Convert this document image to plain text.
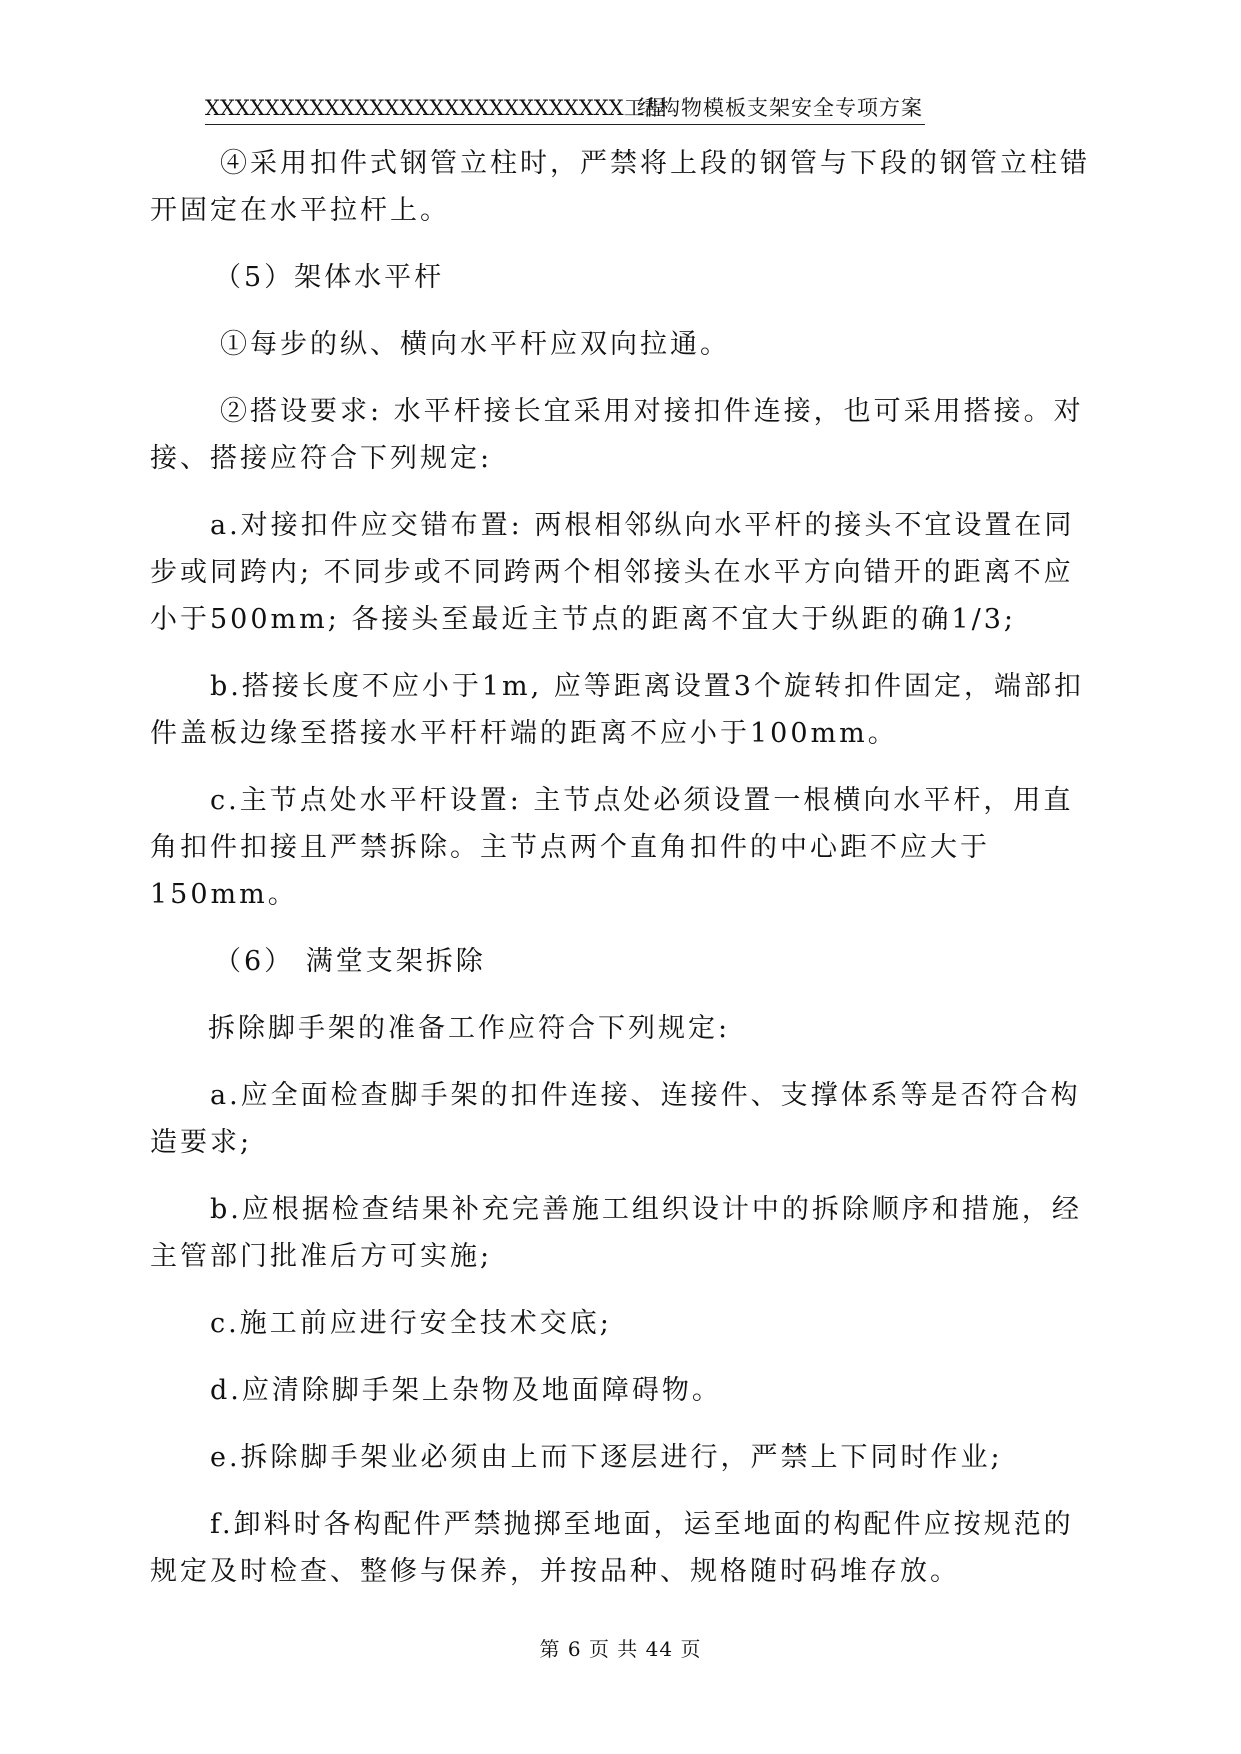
XXXXXXXXXXXXXXXXXXXXXXXXXXXX工程
结构物模板支架安全专项方案

④采用扣件式钢管立柱时，严禁将上段的钢管与下段的钢管立柱错开固定在水平拉杆上。

（5）架体水平杆

①每步的纵、横向水平杆应双向拉通。

②搭设要求: 水平杆接长宜采用对接扣件连接，也可采用搭接。对接、搭接应符合下列规定:

a.对接扣件应交错布置: 两根相邻纵向水平杆的接头不宜设置在同步或同跨内; 不同步或不同跨两个相邻接头在水平方向错开的距离不应小于500mm; 各接头至最近主节点的距离不宜大于纵距的确1/3;

b.搭接长度不应小于1m, 应等距离设置3个旋转扣件固定，端部扣件盖板边缘至搭接水平杆杆端的距离不应小于100mm。

c.主节点处水平杆设置: 主节点处必须设置一根横向水平杆，用直角扣件扣接且严禁拆除。主节点两个直角扣件的中心距不应大于150mm。

（6） 满堂支架拆除

拆除脚手架的准备工作应符合下列规定:

a.应全面检查脚手架的扣件连接、连接件、支撑体系等是否符合构造要求;

b.应根据检查结果补充完善施工组织设计中的拆除顺序和措施，经主管部门批准后方可实施;

c.施工前应进行安全技术交底;

d.应清除脚手架上杂物及地面障碍物。

e.拆除脚手架业必须由上而下逐层进行，严禁上下同时作业;

f.卸料时各构配件严禁抛掷至地面，运至地面的构配件应按规范的规定及时检查、整修与保养，并按品种、规格随时码堆存放。

第 6 页 共 44 页
